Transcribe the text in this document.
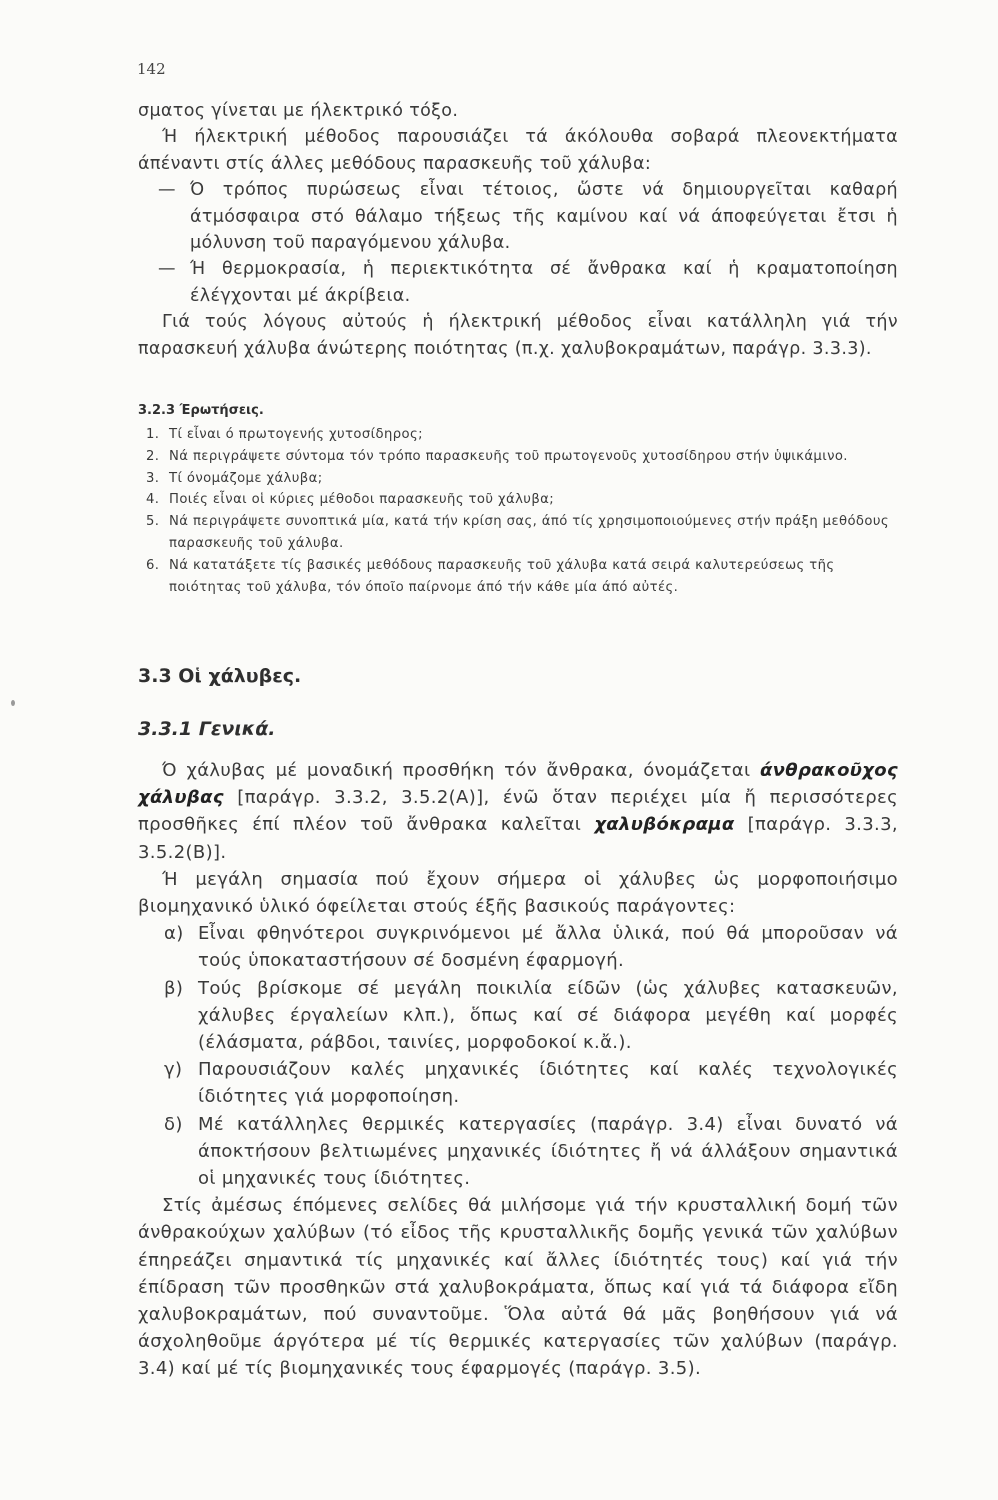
142

σματος γίνεται με ήλεκτρικό τόξο.

Ή ήλεκτρική μέθοδος παρουσιάζει τά άκόλουθα σοβαρά πλεονεκτήματα άπέναντι στίς άλλες μεθόδους παρασκευῆς τοῦ χάλυβα:

— Ό τρόπος πυρώσεως εἶναι τέτοιος, ὥστε νά δημιουργεῖται καθαρή άτμόσφαιρα στό θάλαμο τήξεως τῆς καμίνου καί νά άποφεύγεται ἔτσι ἡ μόλυνση τοῦ παραγόμενου χάλυβα.
— Ή θερμοκρασία, ἡ περιεκτικότητα σέ ἄνθρακα καί ἡ κραματοποίηση έλέγχονται μέ άκρίβεια.

Γιά τούς λόγους αὐτούς ἡ ήλεκτρική μέθοδος εἶναι κατάλληλη γιά τήν παρασκευή χάλυβα άνώτερης ποιότητας (π.χ. χαλυβοκραμάτων, παράγρ. 3.3.3).

3.2.3 Έρωτήσεις.
1. Τί εἶναι ό πρωτογενής χυτοσίδηρος;
2. Νά περιγράψετε σύντομα τόν τρόπο παρασκευῆς τοῦ πρωτογενοῦς χυτοσίδηρου στήν ὑψικάμινο.
3. Τί όνομάζομε χάλυβα;
4. Ποιές εἶναι οἱ κύριες μέθοδοι παρασκευῆς τοῦ χάλυβα;
5. Νά περιγράψετε συνοπτικά μία, κατά τήν κρίση σας, άπό τίς χρησιμοποιούμενες στήν πράξη μεθόδους παρασκευῆς τοῦ χάλυβα.
6. Νά κατατάξετε τίς βασικές μεθόδους παρασκευῆς τοῦ χάλυβα κατά σειρά καλυτερεύσεως τῆς ποιότητας τοῦ χάλυβα, τόν όποῖο παίρνομε άπό τήν κάθε μία άπό αὐτές.
3.3 Οἱ χάλυβες.
3.3.1 Γενικά.

Ό χάλυβας μέ μοναδική προσθήκη τόν ἄνθρακα, όνομάζεται άνθρακοῦχος χάλυβας [παράγρ. 3.3.2, 3.5.2(Α)], ένῶ ὅταν περιέχει μία ἤ περισσότερες προσθῆκες έπί πλέον τοῦ ἄνθρακα καλεῖται χαλυβόκραμα [παράγρ. 3.3.3, 3.5.2(Β)].

Ή μεγάλη σημασία πού ἔχουν σήμερα οἱ χάλυβες ὡς μορφοποιήσιμο βιομηχανικό ὑλικό όφείλεται στούς έξῆς βασικούς παράγοντες:

α) Εἶναι φθηνότεροι συγκρινόμενοι μέ ἄλλα ὑλικά, πού θά μποροῦσαν νά τούς ὑποκαταστήσουν σέ δοσμένη έφαρμογή.
β) Τούς βρίσκομε σέ μεγάλη ποικιλία είδῶν (ὡς χάλυβες κατασκευῶν, χάλυβες έργαλείων κλπ.), ὅπως καί σέ διάφορα μεγέθη καί μορφές (έλάσματα, ράβδοι, ταινίες, μορφοδοκοί κ.ἄ.).
γ) Παρουσιάζουν καλές μηχανικές ίδιότητες καί καλές τεχνολογικές ίδιότητες γιά μορφοποίηση.
δ) Μέ κατάλληλες θερμικές κατεργασίες (παράγρ. 3.4) εἶναι δυνατό νά άποκτήσουν βελτιωμένες μηχανικές ίδιότητες ἤ νά άλλάξουν σημαντικά οἱ μηχανικές τους ίδιότητες.

Στίς ἀμέσως έπόμενες σελίδες θά μιλήσομε γιά τήν κρυσταλλική δομή τῶν άνθρακούχων χαλύβων (τό εἶδος τῆς κρυσταλλικῆς δομῆς γενικά τῶν χαλύβων έπηρεάζει σημαντικά τίς μηχανικές καί ἄλλες ίδιότητές τους) καί γιά τήν έπίδραση τῶν προσθηκῶν στά χαλυβοκράματα, ὅπως καί γιά τά διάφορα εἴδη χαλυβοκραμάτων, πού συναντοῦμε. Ὅλα αὐτά θά μᾶς βοηθήσουν γιά νά άσχοληθοῦμε άργότερα μέ τίς θερμικές κατεργασίες τῶν χαλύβων (παράγρ. 3.4) καί μέ τίς βιομηχανικές τους έφαρμογές (παράγρ. 3.5).
